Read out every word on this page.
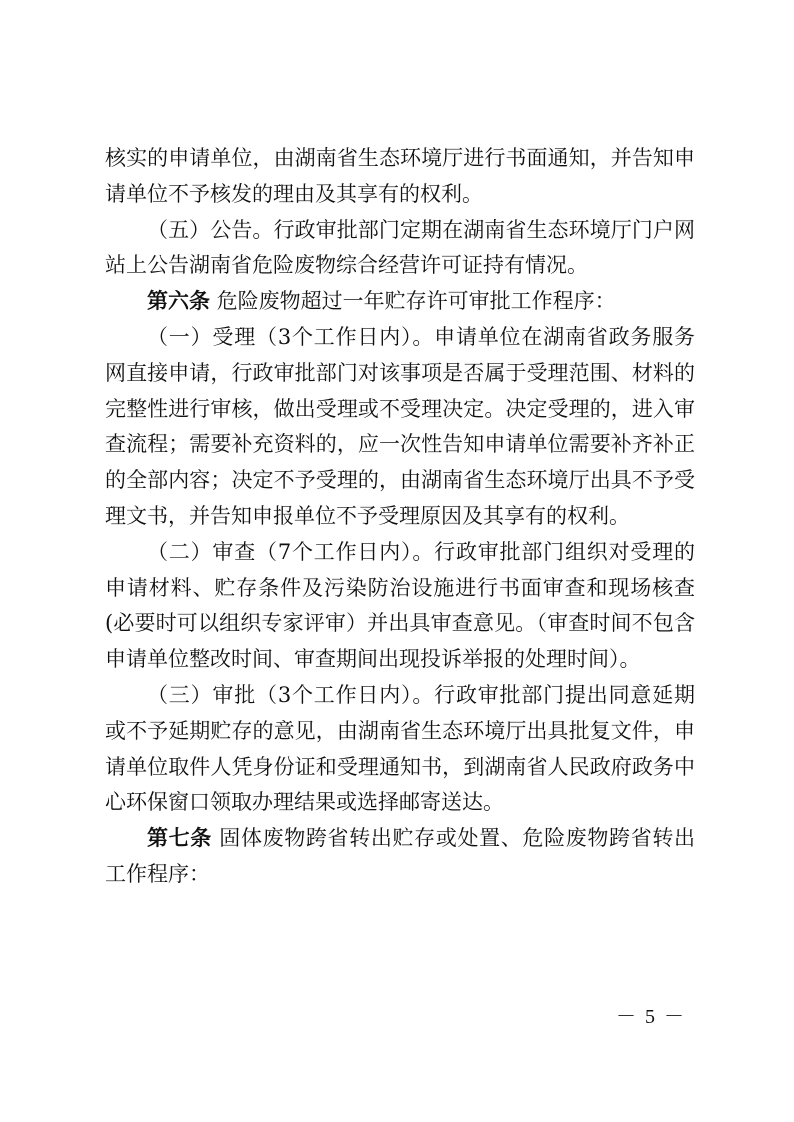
核实的申请单位，由湖南省生态环境厅进行书面通知，并告知申请单位不予核发的理由及其享有的权利。

（五）公告。行政审批部门定期在湖南省生态环境厅门户网站上公告湖南省危险废物综合经营许可证持有情况。

第六条 危险废物超过一年贮存许可审批工作程序：

（一）受理（3个工作日内）。申请单位在湖南省政务服务网直接申请，行政审批部门对该事项是否属于受理范围、材料的完整性进行审核，做出受理或不受理决定。决定受理的，进入审查流程；需要补充资料的，应一次性告知申请单位需要补齐补正的全部内容；决定不予受理的，由湖南省生态环境厅出具不予受理文书，并告知申报单位不予受理原因及其享有的权利。

（二）审查（7个工作日内）。行政审批部门组织对受理的申请材料、贮存条件及污染防治设施进行书面审查和现场核查(必要时可以组织专家评审）并出具审查意见。（审查时间不包含申请单位整改时间、审查期间出现投诉举报的处理时间）。

（三）审批（3个工作日内）。行政审批部门提出同意延期或不予延期贮存的意见，由湖南省生态环境厅出具批复文件，申请单位取件人凭身份证和受理通知书，到湖南省人民政府政务中心环保窗口领取办理结果或选择邮寄送达。

第七条 固体废物跨省转出贮存或处置、危险废物跨省转出工作程序：

－ 5 －
